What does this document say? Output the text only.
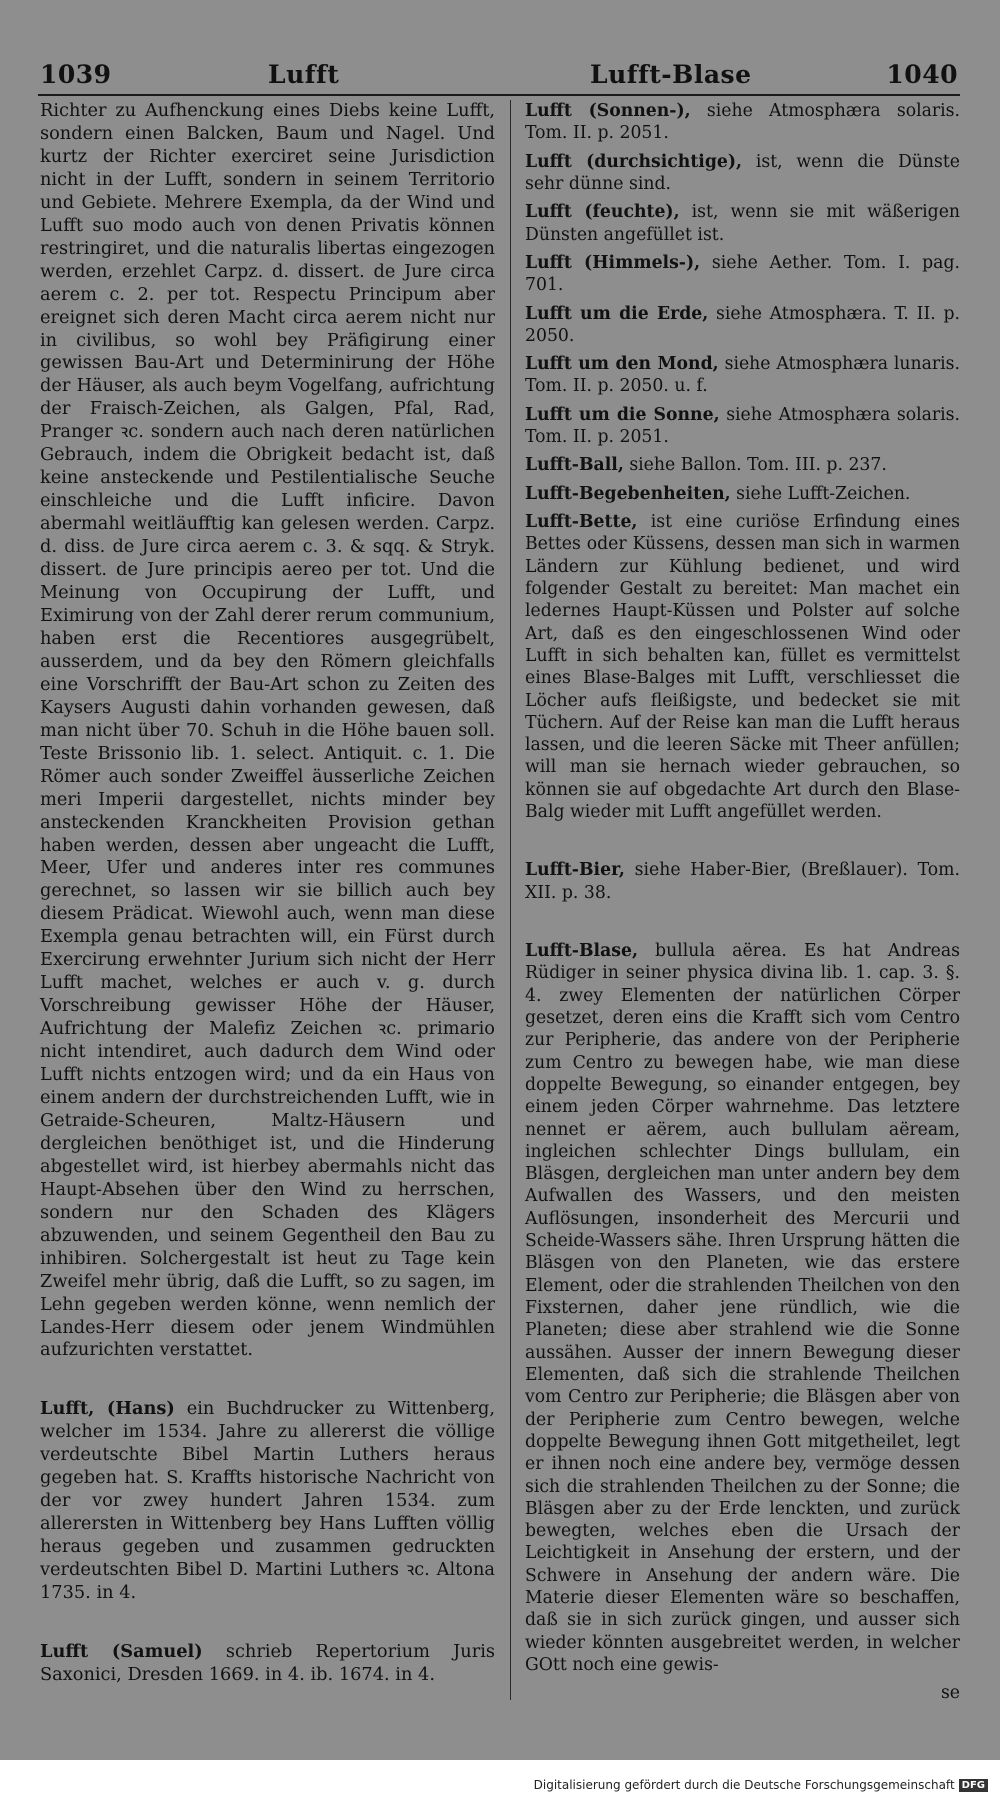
1039	Lufft	Lufft-Blase	1040

Richter zu Aufhenckung eines Diebs keine Lufft, sondern einen Balcken, Baum und Nagel. Und kurtz der Richter exerciret seine Jurisdiction nicht in der Lufft, sondern in seinem Territorio und Gebiete. Mehrere Exempla, da der Wind und Lufft suo modo auch von denen Privatis können restringiret, und die naturalis libertas eingezogen werden, erzehlet Carpz. d. dissert. de Jure circa aerem c. 2. per tot. Respectu Principum aber ereignet sich deren Macht circa aerem nicht nur in civilibus, so wohl bey Präfigirung einer gewissen Bau-Art und Determinirung der Höhe der Häuser, als auch beym Vogelfang, aufrichtung der Fraisch-Zeichen, als Galgen, Pfal, Rad, Pranger ꝛc. sondern auch nach deren natürlichen Gebrauch, indem die Obrigkeit bedacht ist, daß keine ansteckende und Pestilentialische Seuche einschleiche und die Lufft inficire. Davon abermahl weitläufftig kan gelesen werden. Carpz. d. diss. de Jure circa aerem c. 3. & sqq. & Stryk. dissert. de Jure principis aereo per tot. Und die Meinung von Occupirung der Lufft, und Eximirung von der Zahl derer rerum communium, haben erst die Recentiores ausgegrübelt, ausserdem, und da bey den Römern gleichfalls eine Vorschrifft der Bau-Art schon zu Zeiten des Kaysers Augusti dahin vorhanden gewesen, daß man nicht über 70. Schuh in die Höhe bauen soll. Teste Brissonio lib. 1. select. Antiquit. c. 1. Die Römer auch sonder Zweiffel äusserliche Zeichen meri Imperii dargestellet, nichts minder bey ansteckenden Kranckheiten Provision gethan haben werden, dessen aber ungeacht die Lufft, Meer, Ufer und anderes inter res communes gerechnet, so lassen wir sie billich auch bey diesem Prädicat. Wiewohl auch, wenn man diese Exempla genau betrachten will, ein Fürst durch Exercirung erwehnter Jurium sich nicht der Herr Lufft machet, welches er auch v. g. durch Vorschreibung gewisser Höhe der Häuser, Aufrichtung der Malefiz Zeichen ꝛc. primario nicht intendiret, auch dadurch dem Wind oder Lufft nichts entzogen wird; und da ein Haus von einem andern der durchstreichenden Lufft, wie in Getraide-Scheuren, Maltz-Häusern und dergleichen benöthiget ist, und die Hinderung abgestellet wird, ist hierbey abermahls nicht das Haupt-Absehen über den Wind zu herrschen, sondern nur den Schaden des Klägers abzuwenden, und seinem Gegentheil den Bau zu inhibiren. Solchergestalt ist heut zu Tage kein Zweifel mehr übrig, daß die Lufft, so zu sagen, im Lehn gegeben werden könne, wenn nemlich der Landes-Herr diesem oder jenem Windmühlen aufzurichten verstattet.

Lufft, (Hans) ein Buchdrucker zu Wittenberg, welcher im 1534. Jahre zu allererst die völlige verdeutschte Bibel Martin Luthers heraus gegeben hat. S. Kraffts historische Nachricht von der vor zwey hundert Jahren 1534. zum allerersten in Wittenberg bey Hans Lufften völlig heraus gegeben und zusammen gedruckten verdeutschten Bibel D. Martini Luthers ꝛc. Altona 1735. in 4.

Lufft (Samuel) schrieb Repertorium Juris Saxonici, Dresden 1669. in 4. ib. 1674. in 4.

Lufft (Sonnen-), siehe Atmosphæra solaris. Tom. II. p. 2051.

Lufft (durchsichtige), ist, wenn die Dünste sehr dünne sind.

Lufft (feuchte), ist, wenn sie mit wäßerigen Dünsten angefüllet ist.

Lufft (Himmels-), siehe Aether. Tom. I. pag. 701.

Lufft um die Erde, siehe Atmosphæra. T. II. p. 2050.

Lufft um den Mond, siehe Atmosphæra lunaris. Tom. II. p. 2050. u. f.

Lufft um die Sonne, siehe Atmosphæra solaris. Tom. II. p. 2051.

Lufft-Ball, siehe Ballon. Tom. III. p. 237.

Lufft-Begebenheiten, siehe Lufft-Zeichen.

Lufft-Bette, ist eine curiöse Erfindung eines Bettes oder Küssens, dessen man sich in warmen Ländern zur Kühlung bedienet, und wird folgender Gestalt zu bereitet: Man machet ein ledernes Haupt-Küssen und Polster auf solche Art, daß es den eingeschlossenen Wind oder Lufft in sich behalten kan, füllet es vermittelst eines Blase-Balges mit Lufft, verschliesset die Löcher aufs fleißigste, und bedecket sie mit Tüchern. Auf der Reise kan man die Lufft heraus lassen, und die leeren Säcke mit Theer anfüllen; will man sie hernach wieder gebrauchen, so können sie auf obgedachte Art durch den Blase-Balg wieder mit Lufft angefüllet werden.

Lufft-Bier, siehe Haber-Bier, (Breßlauer). Tom. XII. p. 38.

Lufft-Blase, bullula aërea. Es hat Andreas Rüdiger in seiner physica divina lib. 1. cap. 3. §. 4. zwey Elementen der natürlichen Cörper gesetzet, deren eins die Krafft sich vom Centro zur Peripherie, das andere von der Peripherie zum Centro zu bewegen habe, wie man diese doppelte Bewegung, so einander entgegen, bey einem jeden Cörper wahrnehme. Das letztere nennet er aërem, auch bullulam aëream, ingleichen schlechter Dings bullulam, ein Bläsgen, dergleichen man unter andern bey dem Aufwallen des Wassers, und den meisten Auflösungen, insonderheit des Mercurii und Scheide-Wassers sähe. Ihren Ursprung hätten die Bläsgen von den Planeten, wie das erstere Element, oder die strahlenden Theilchen von den Fixsternen, daher jene ründlich, wie die Planeten; diese aber strahlend wie die Sonne aussähen. Ausser der innern Bewegung dieser Elementen, daß sich die strahlende Theilchen vom Centro zur Peripherie; die Bläsgen aber von der Peripherie zum Centro bewegen, welche doppelte Bewegung ihnen Gott mitgetheilet, legt er ihnen noch eine andere bey, vermöge dessen sich die strahlenden Theilchen zu der Sonne; die Bläsgen aber zu der Erde lenckten, und zurück bewegten, welches eben die Ursach der Leichtigkeit in Ansehung der erstern, und der Schwere in Ansehung der andern wäre. Die Materie dieser Elementen wäre so beschaffen, daß sie in sich zurück gingen, und ausser sich wieder könnten ausgebreitet werden, in welcher GOtt noch eine gewis-

se

Digitalisierung gefördert durch die Deutsche Forschungsgemeinschaft DFG
